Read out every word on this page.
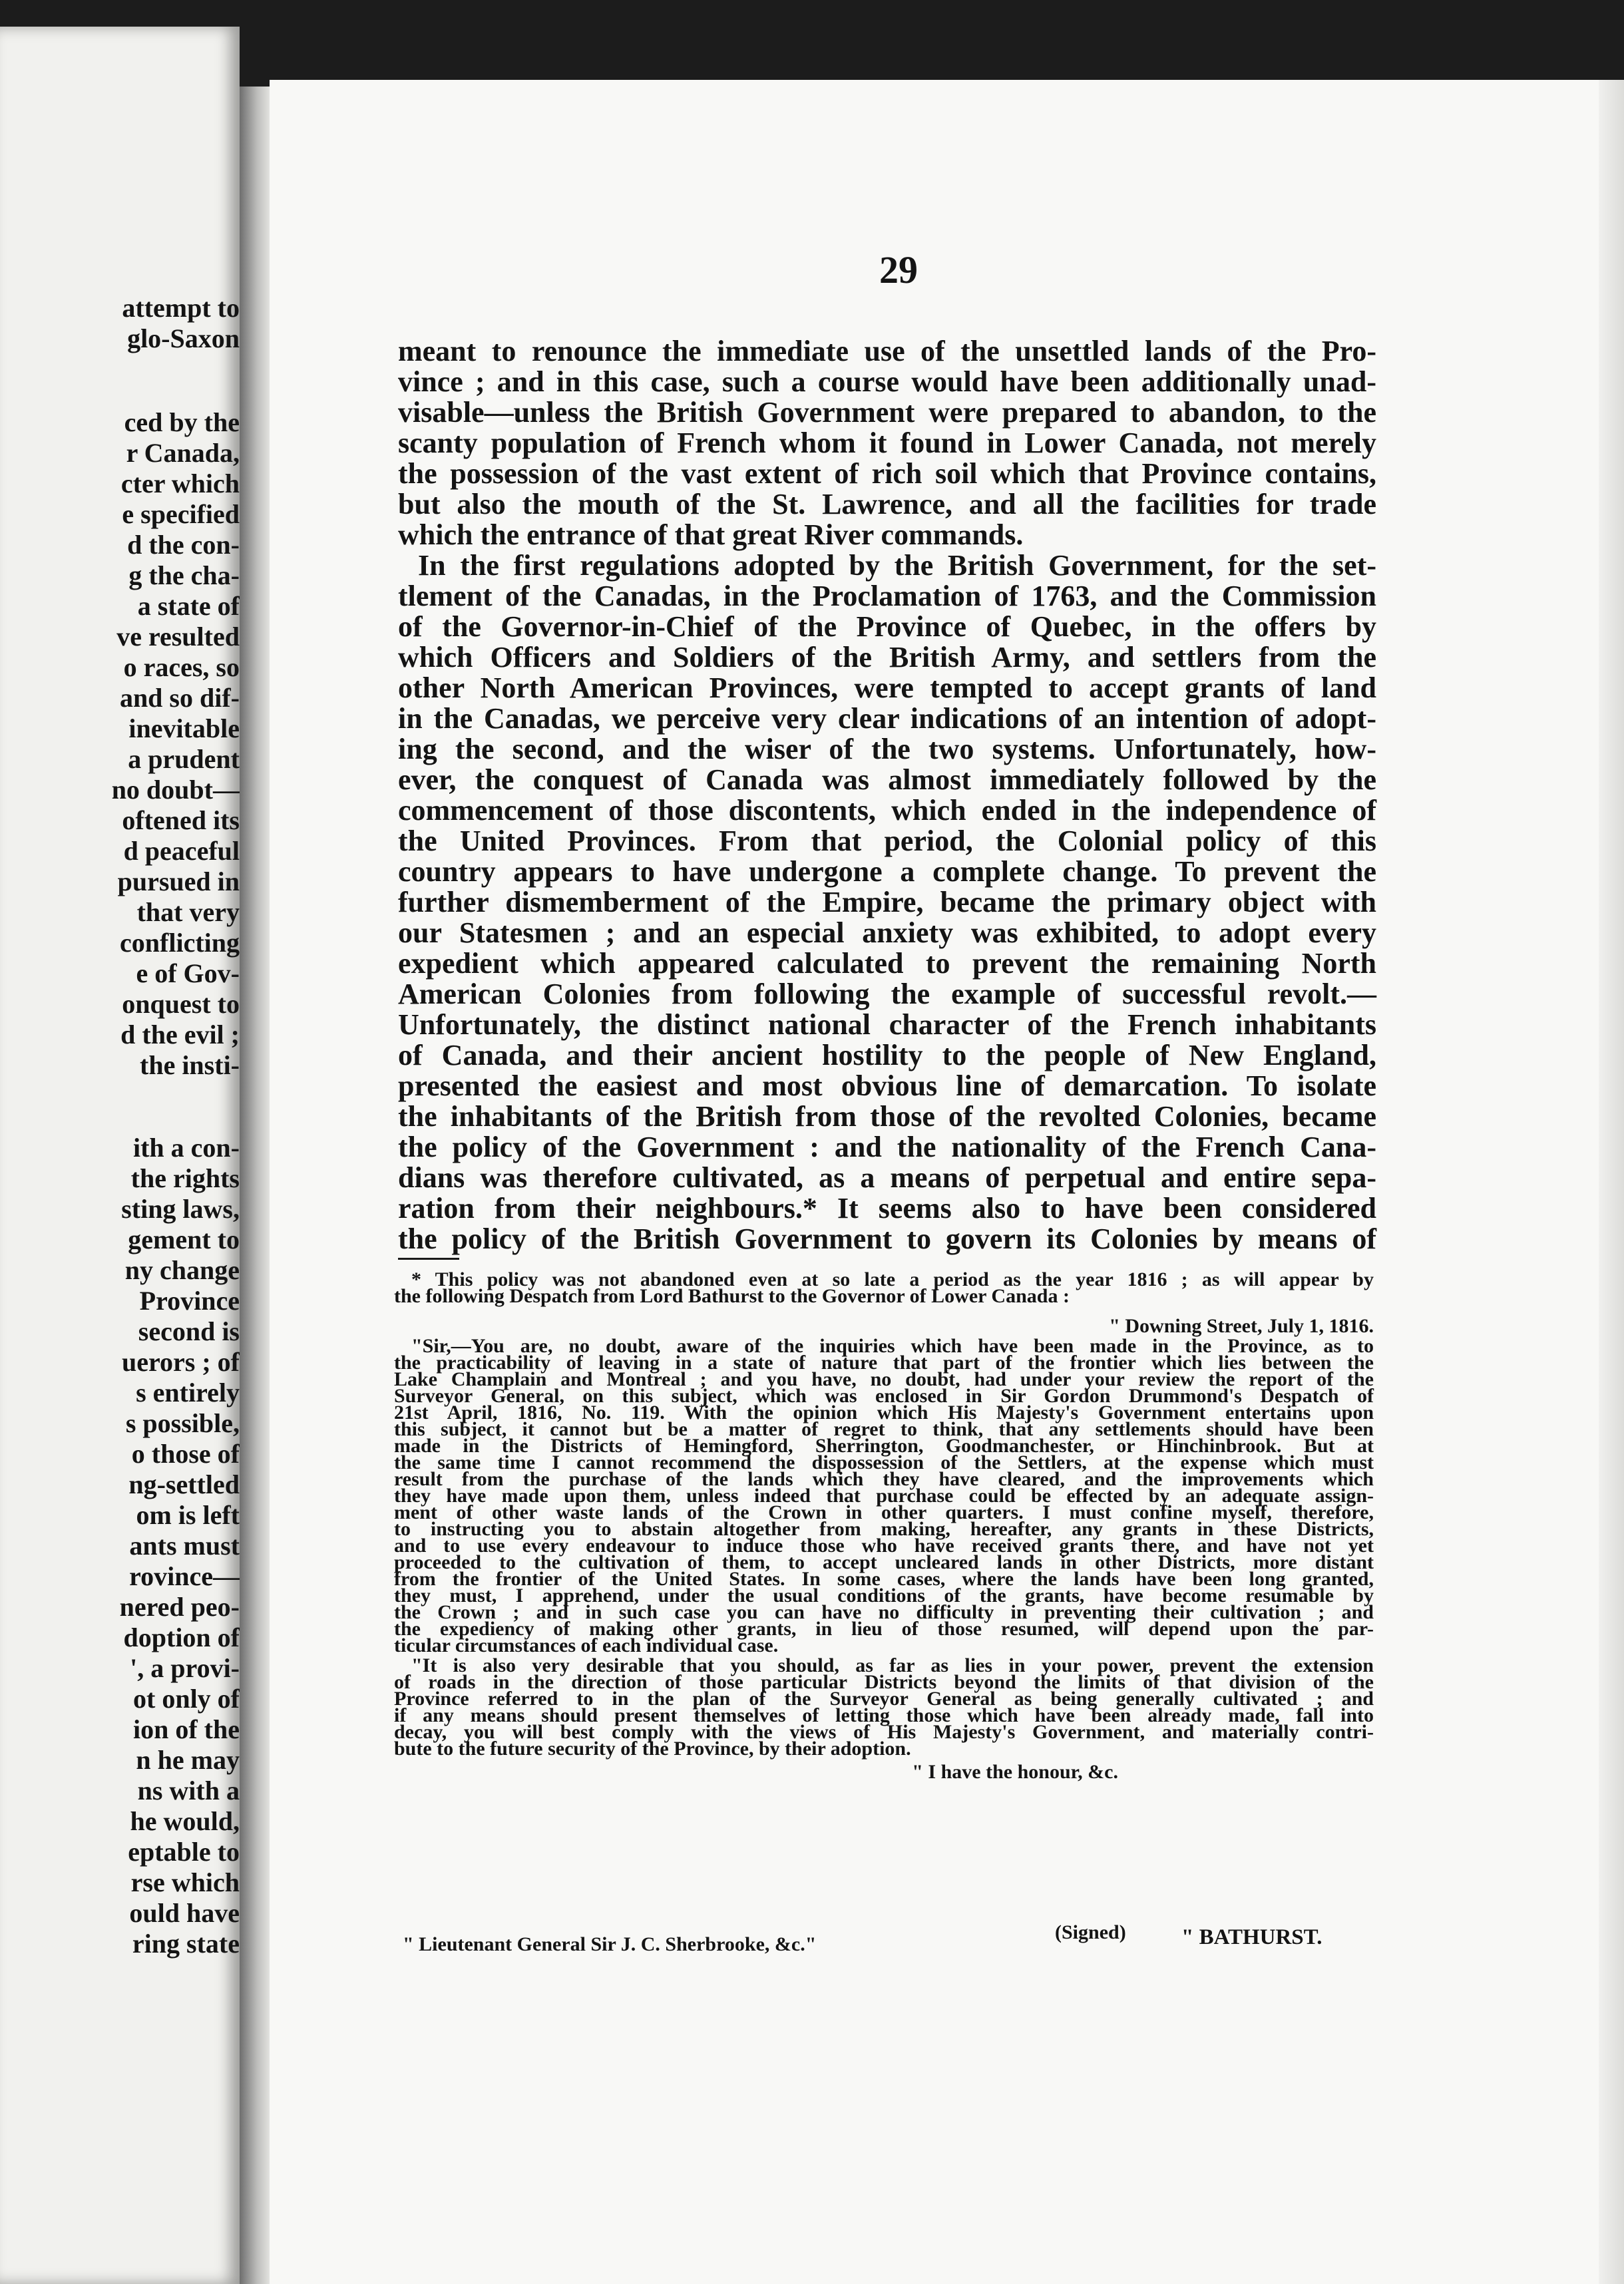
attempt to
glo-Saxon
ced by the
r Canada,
cter which
e specified
d the con-
g the cha-
a state of
ve resulted
o races, so
and so dif-
inevitable
a prudent
no doubt—
oftened its
d peaceful
pursued in
that very
conflicting
e of Gov-
onquest to
d the evil ;
the insti-
ith a con-
the rights
sting laws,
gement to
ny change
Province
second is
uerors ; of
s entirely
s possible,
o those of
ng-settled
om is left
ants must
rovince—
nered peo-
doption of
', a provi-
ot only of
ion of the
n he may
ns with a
he would,
eptable to
rse which
ould have
ring state
29
meant to renounce the immediate use of the unsettled lands of the Pro-
vince ; and in this case, such a course would have been additionally unad-
visable—unless the British Government were prepared to abandon, to the
scanty population of French whom it found in Lower Canada, not merely
the possession of the vast extent of rich soil which that Province contains,
but also the mouth of the St. Lawrence, and all the facilities for trade
which the entrance of that great River commands.
In the first regulations adopted by the British Government, for the set-
tlement of the Canadas, in the Proclamation of 1763, and the Commission
of the Governor-in-Chief of the Province of Quebec, in the offers by
which Officers and Soldiers of the British Army, and settlers from the
other North American Provinces, were tempted to accept grants of land
in the Canadas, we perceive very clear indications of an intention of adopt-
ing the second, and the wiser of the two systems. Unfortunately, how-
ever, the conquest of Canada was almost immediately followed by the
commencement of those discontents, which ended in the independence of
the United Provinces. From that period, the Colonial policy of this
country appears to have undergone a complete change. To prevent the
further dismemberment of the Empire, became the primary object with
our Statesmen ; and an especial anxiety was exhibited, to adopt every
expedient which appeared calculated to prevent the remaining North
American Colonies from following the example of successful revolt.—
Unfortunately, the distinct national character of the French inhabitants
of Canada, and their ancient hostility to the people of New England,
presented the easiest and most obvious line of demarcation. To isolate
the inhabitants of the British from those of the revolted Colonies, became
the policy of the Government : and the nationality of the French Cana-
dians was therefore cultivated, as a means of perpetual and entire sepa-
ration from their neighbours.* It seems also to have been considered
the policy of the British Government to govern its Colonies by means of
* This policy was not abandoned even at so late a period as the year 1816 ; as will appear by
the following Despatch from Lord Bathurst to the Governor of Lower Canada :
" Downing Street, July 1, 1816.
"Sir,—You are, no doubt, aware of the inquiries which have been made in the Province, as to
the practicability of leaving in a state of nature that part of the frontier which lies between the
Lake Champlain and Montreal ; and you have, no doubt, had under your review the report of the
Surveyor General, on this subject, which was enclosed in Sir Gordon Drummond's Despatch of
21st April, 1816, No. 119. With the opinion which His Majesty's Government entertains upon
this subject, it cannot but be a matter of regret to think, that any settlements should have been
made in the Districts of Hemingford, Sherrington, Goodmanchester, or Hinchinbrook. But at
the same time I cannot recommend the dispossession of the Settlers, at the expense which must
result from the purchase of the lands which they have cleared, and the improvements which
they have made upon them, unless indeed that purchase could be effected by an adequate assign-
ment of other waste lands of the Crown in other quarters. I must confine myself, therefore,
to instructing you to abstain altogether from making, hereafter, any grants in these Districts,
and to use every endeavour to induce those who have received grants there, and have not yet
proceeded to the cultivation of them, to accept uncleared lands in other Districts, more distant
from the frontier of the United States. In some cases, where the lands have been long granted,
they must, I apprehend, under the usual conditions of the grants, have become resumable by
the Crown ; and in such case you can have no difficulty in preventing their cultivation ; and
the expediency of making other grants, in lieu of those resumed, will depend upon the par-
ticular circumstances of each individual case.
"It is also very desirable that you should, as far as lies in your power, prevent the extension
of roads in the direction of those particular Districts beyond the limits of that division of the
Province referred to in the plan of the Surveyor General as being generally cultivated ; and
if any means should present themselves of letting those which have been already made, fall into
decay, you will best comply with the views of His Majesty's Government, and materially contri-
bute to the future security of the Province, by their adoption.
" I have the honour, &c.
" Lieutenant General Sir J. C. Sherbrooke, &c."
(Signed)	" BATHURST.
